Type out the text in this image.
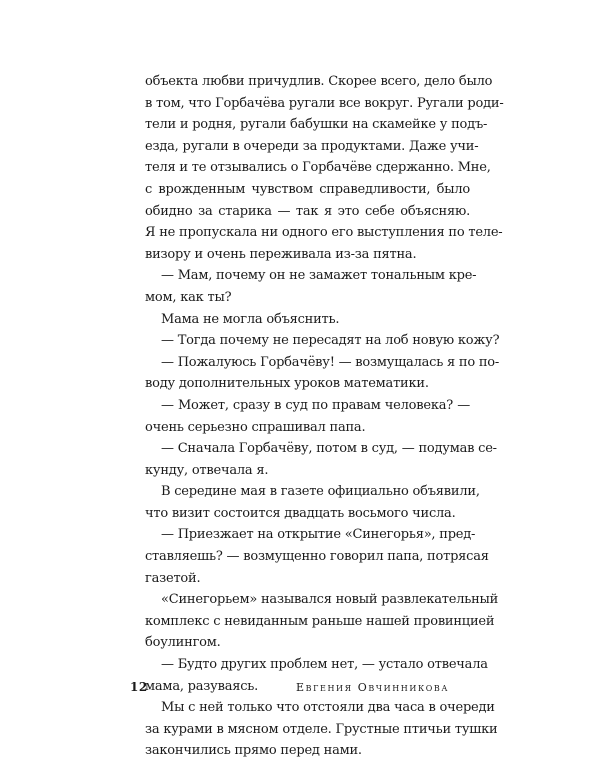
объекта любви причудлив. Скорее всего, дело было
в том, что Горбачёва ругали все вокруг. Ругали роди-
тели и родня, ругали бабушки на скамейке у подъ-
езда, ругали в очереди за продуктами. Даже учи-
теля и те отзывались о Горбачёве сдержанно. Мне,
с врожденным чувством справедливости, было
обидно за старика — так я это себе объясняю.
Я не пропускала ни одного его выступления по теле-
визору и очень переживала из-за пятна.
— Мам, почему он не замажет тональным кре-
мом, как ты?
Мама не могла объяснить.
— Тогда почему не пересадят на лоб новую кожу?
— Пожалуюсь Горбачёву! — возмущалась я по по-
воду дополнительных уроков математики.
— Может, сразу в суд по правам человека? —
очень серьезно спрашивал папа.
— Сначала Горбачёву, потом в суд, — подумав се-
кунду, отвечала я.
В середине мая в газете официально объявили,
что визит состоится двадцать восьмого числа.
— Приезжает на открытие «Синегорья», пред-
ставляешь? — возмущенно говорил папа, потрясая
газетой.
«Синегорьем» назывался новый развлекательный
комплекс с невиданным раньше нашей провинцией
боулингом.
— Будто других проблем нет, — устало отвечала
мама, разуваясь.
Мы с ней только что отстояли два часа в очереди
за курами в мясном отделе. Грустные птичьи тушки
закончились прямо перед нами.
12	Евгения Овчинникова
